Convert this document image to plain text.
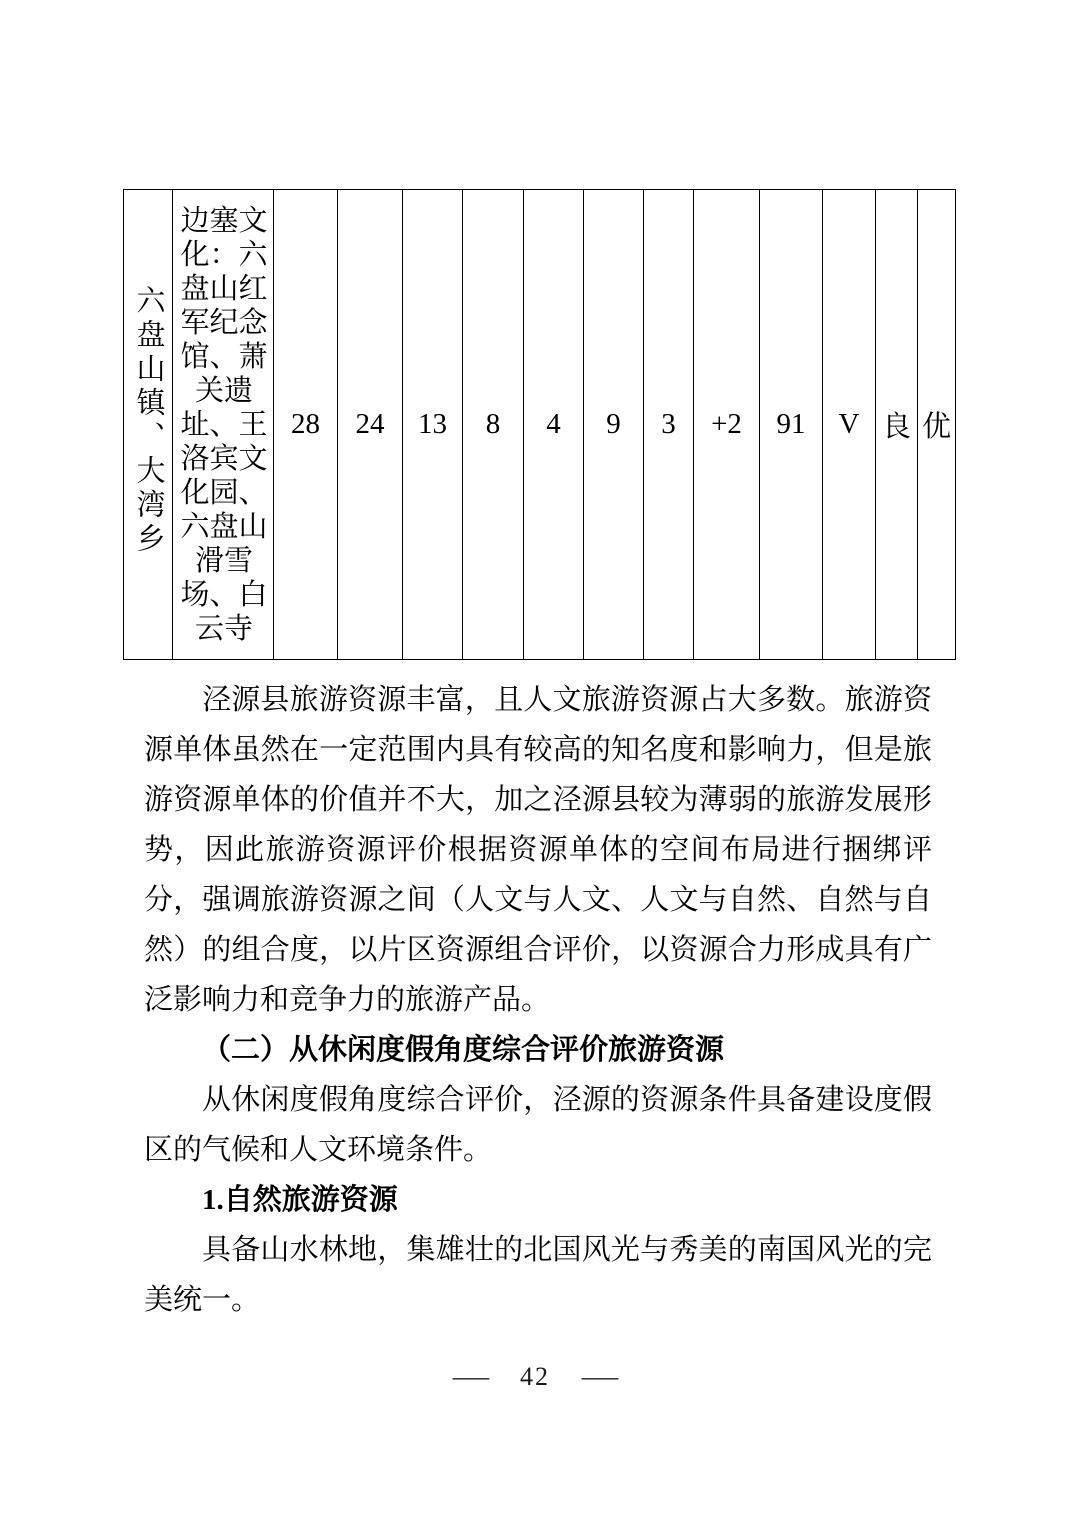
六盘山镇、大湾乡	边塞文化：六盘山红军纪念馆、萧关遗址、王洛宾文化园、六盘山滑雪场、白云寺	28	24	13	8	4	9	3	+2	91	V	良	优

泾源县旅游资源丰富，且人文旅游资源占大多数。旅游资源单体虽然在一定范围内具有较高的知名度和影响力，但是旅游资源单体的价值并不大，加之泾源县较为薄弱的旅游发展形势，因此旅游资源评价根据资源单体的空间布局进行捆绑评分，强调旅游资源之间（人文与人文、人文与自然、自然与自然）的组合度，以片区资源组合评价，以资源合力形成具有广泛影响力和竞争力的旅游产品。

（二）从休闲度假角度综合评价旅游资源

从休闲度假角度综合评价，泾源的资源条件具备建设度假区的气候和人文环境条件。

1.自然旅游资源

具备山水林地，集雄壮的北国风光与秀美的南国风光的完美统一。

— 42 —
